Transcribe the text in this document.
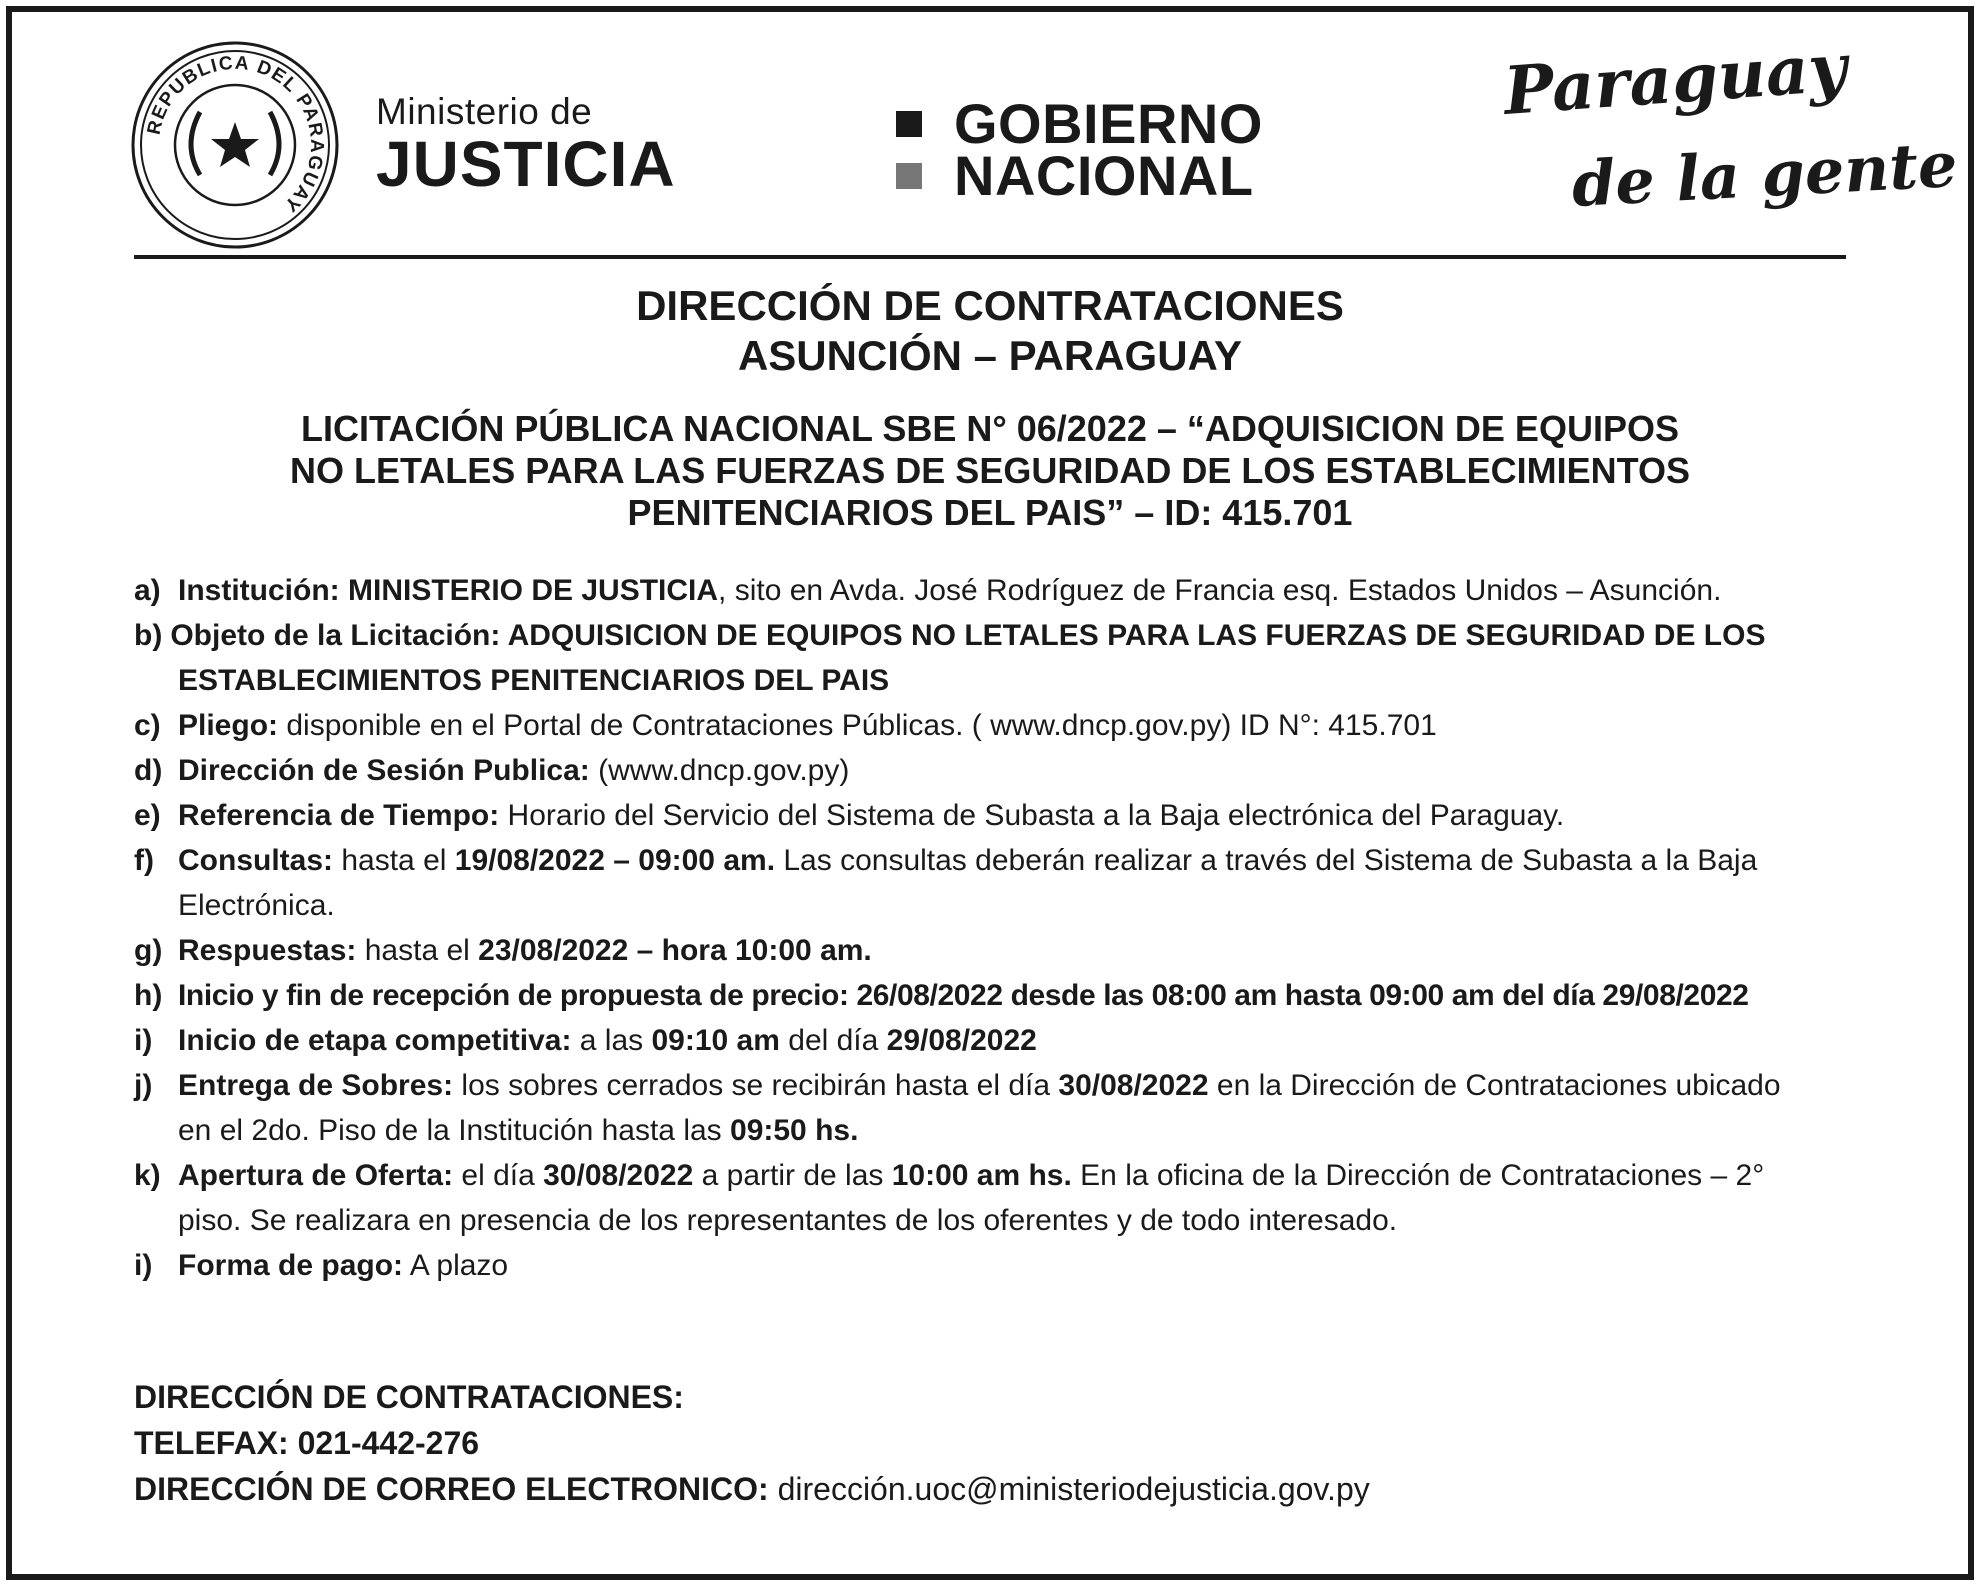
REPUBLICA DEL PARAGUAY
Ministerio de
JUSTICIA
GOBIERNO
NACIONAL
Paraguay
de la gente
DIRECCIÓN DE CONTRATACIONES
ASUNCIÓN – PARAGUAY
LICITACIÓN PÚBLICA NACIONAL SBE N° 06/2022 – “ADQUISICION DE EQUIPOS
NO LETALES PARA LAS FUERZAS DE SEGURIDAD DE LOS ESTABLECIMIENTOS
PENITENCIARIOS DEL PAIS” – ID: 415.701
a) Institución: MINISTERIO DE JUSTICIA, sito en Avda. José Rodríguez de Francia esq. Estados Unidos – Asunción.
b) Objeto de la Licitación: ADQUISICION DE EQUIPOS NO LETALES PARA LAS FUERZAS DE SEGURIDAD DE LOS
ESTABLECIMIENTOS PENITENCIARIOS DEL PAIS
c) Pliego: disponible en el Portal de Contrataciones Públicas. ( www.dncp.gov.py) ID N°: 415.701
d) Dirección de Sesión Publica: (www.dncp.gov.py)
e) Referencia de Tiempo: Horario del Servicio del Sistema de Subasta a la Baja electrónica del Paraguay.
f) Consultas: hasta el 19/08/2022 – 09:00 am. Las consultas deberán realizar a través del Sistema de Subasta a la Baja
Electrónica.
g) Respuestas: hasta el 23/08/2022 – hora 10:00 am.
h) Inicio y fin de recepción de propuesta de precio: 26/08/2022 desde las 08:00 am hasta 09:00 am del día 29/08/2022
i) Inicio de etapa competitiva: a las 09:10 am del día 29/08/2022
j) Entrega de Sobres: los sobres cerrados se recibirán hasta el día 30/08/2022 en la Dirección de Contrataciones ubicado
en el 2do. Piso de la Institución hasta las 09:50 hs.
k) Apertura de Oferta: el día 30/08/2022 a partir de las 10:00 am hs. En la oficina de la Dirección de Contrataciones – 2°
piso. Se realizara en presencia de los representantes de los oferentes y de todo interesado.
i) Forma de pago: A plazo
DIRECCIÓN DE CONTRATACIONES:
TELEFAX: 021-442-276
DIRECCIÓN DE CORREO ELECTRONICO: dirección.uoc@ministeriodejusticia.gov.py
